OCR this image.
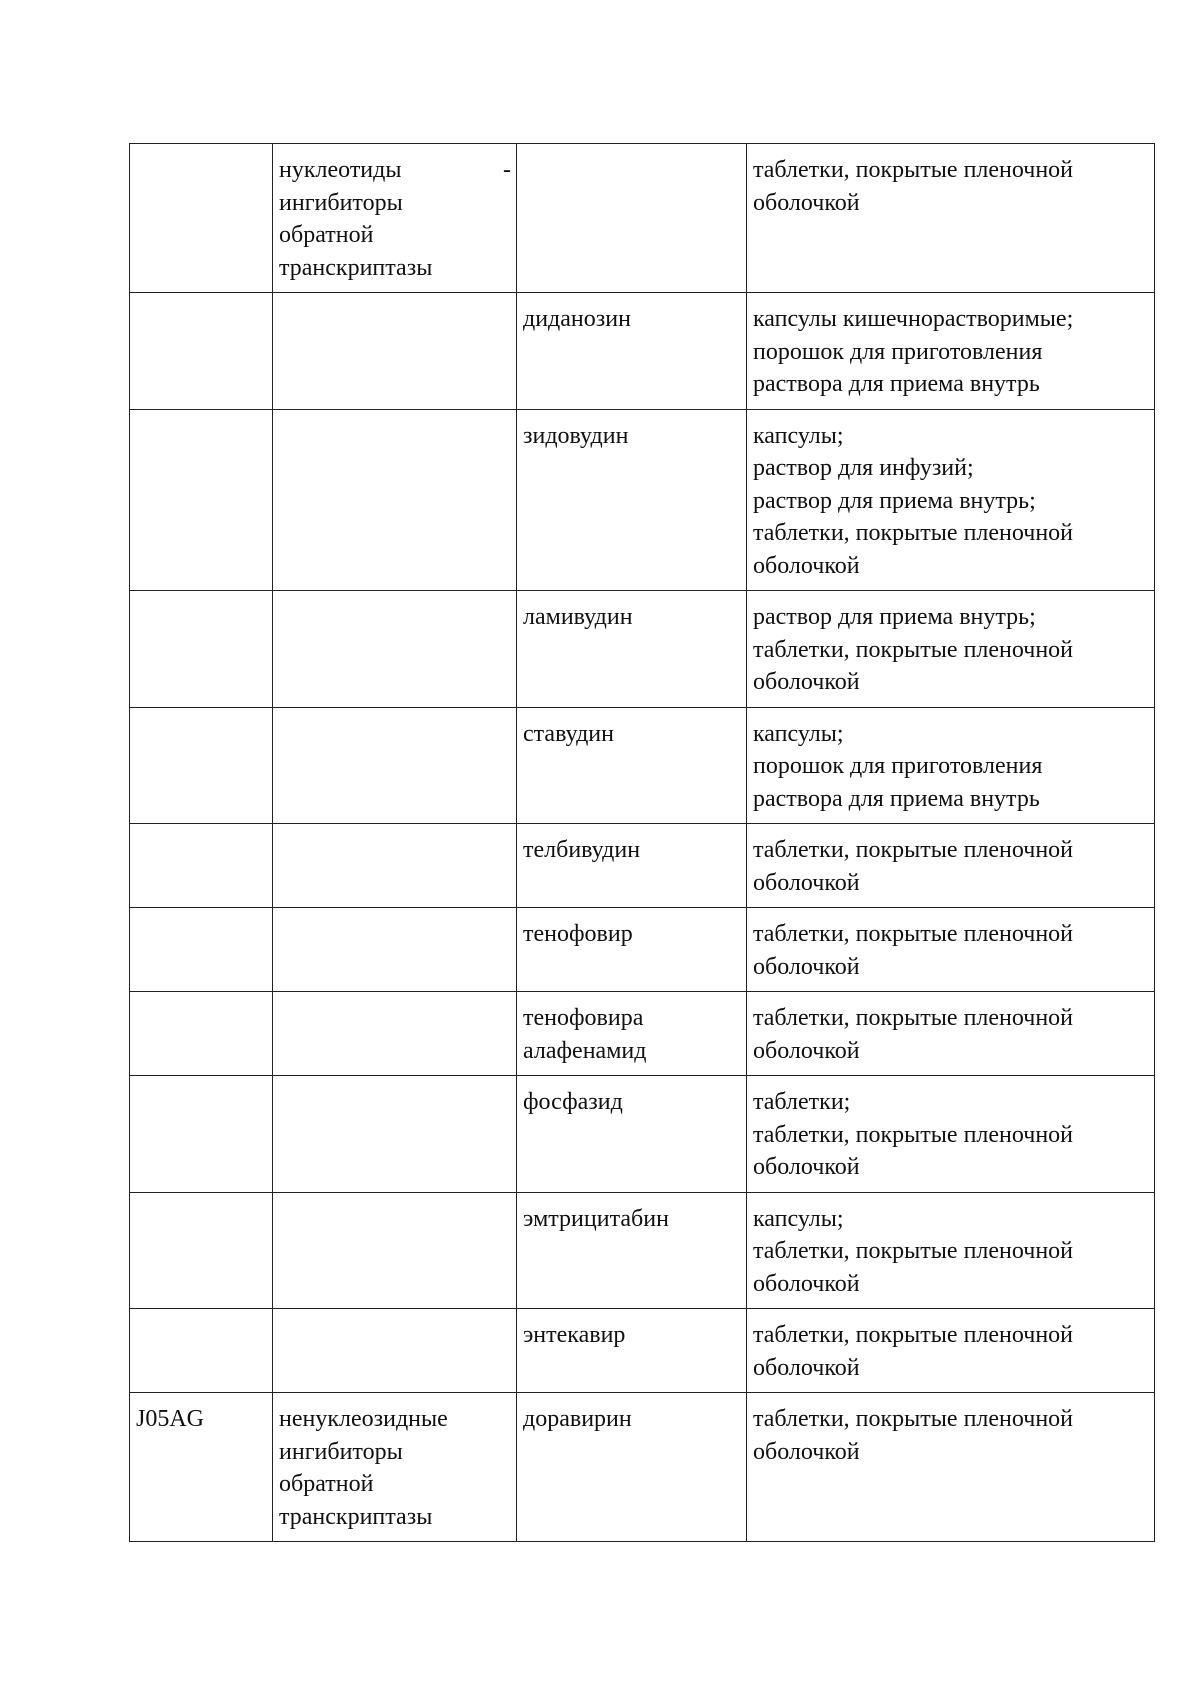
	нуклеотиды -
ингибиторы
обратной
транскриптазы		таблетки, покрытые пленочной
оболочкой

		диданозин	капсулы кишечнорастворимые;
порошок для приготовления
раствора для приема внутрь

		зидовудин	капсулы;
раствор для инфузий;
раствор для приема внутрь;
таблетки, покрытые пленочной
оболочкой

		ламивудин	раствор для приема внутрь;
таблетки, покрытые пленочной
оболочкой

		ставудин	капсулы;
порошок для приготовления
раствора для приема внутрь

		телбивудин	таблетки, покрытые пленочной
оболочкой

		тенофовир	таблетки, покрытые пленочной
оболочкой

		тенофовира алафенамид	таблетки, покрытые пленочной
оболочкой

		фосфазид	таблетки;
таблетки, покрытые пленочной
оболочкой

		эмтрицитабин	капсулы;
таблетки, покрытые пленочной
оболочкой

		энтекавир	таблетки, покрытые пленочной
оболочкой

J05AG	ненуклеозидные
ингибиторы
обратной
транскриптазы	доравирин	таблетки, покрытые пленочной
оболочкой
